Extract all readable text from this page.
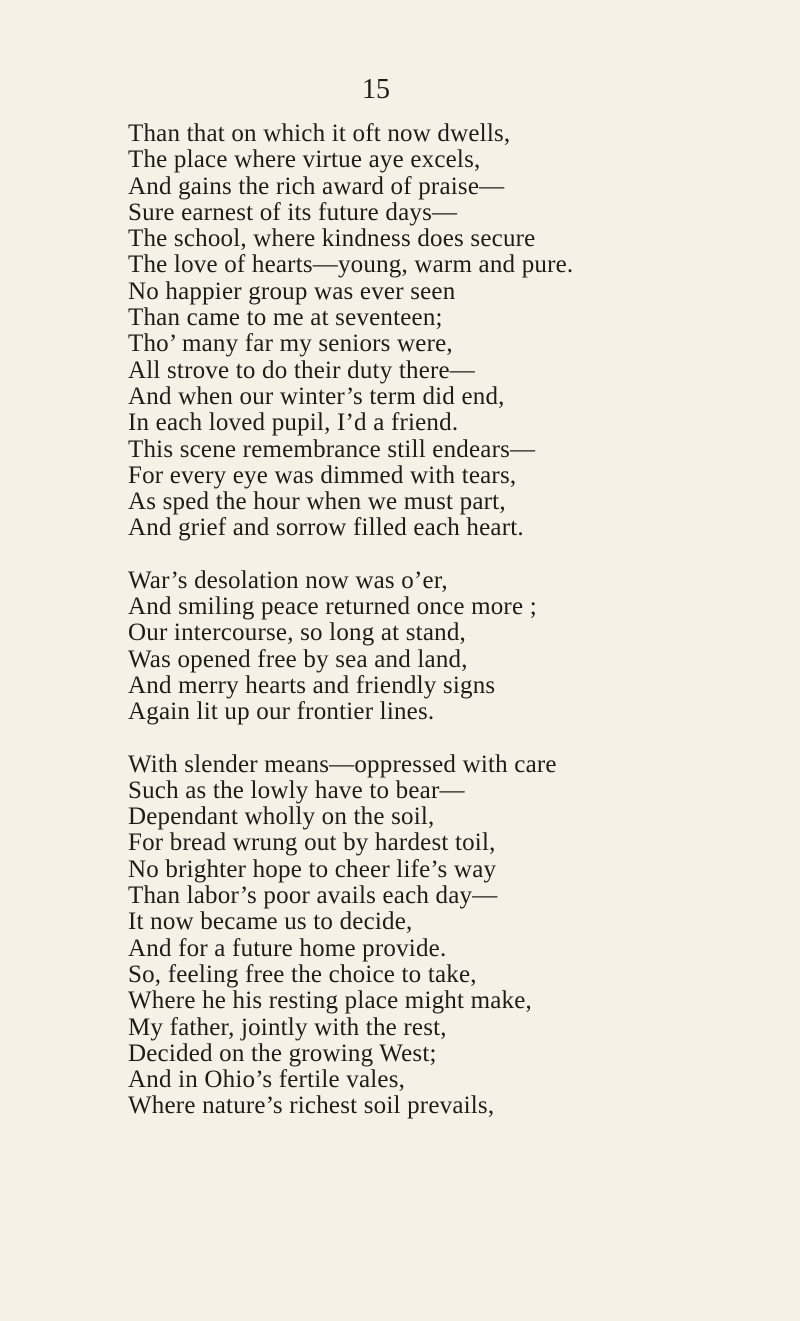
15
Than that on which it oft now dwells,
The place where virtue aye excels,
And gains the rich award of praise—
Sure earnest of its future days—
The school, where kindness does secure
The love of hearts—young, warm and pure.
No happier group was ever seen
Than came to me at seventeen;
Tho’ many far my seniors were,
All strove to do their duty there—
And when our winter’s term did end,
In each loved pupil, I’d a friend.
This scene remembrance still endears—
For every eye was dimmed with tears,
As sped the hour when we must part,
And grief and sorrow filled each heart.
War’s desolation now was o’er,
And smiling peace returned once more ;
Our intercourse, so long at stand,
Was opened free by sea and land,
And merry hearts and friendly signs
Again lit up our frontier lines.
With slender means—oppressed with care
Such as the lowly have to bear—
Dependant wholly on the soil,
For bread wrung out by hardest toil,
No brighter hope to cheer life’s way
Than labor’s poor avails each day—
It now became us to decide,
And for a future home provide.
So, feeling free the choice to take,
Where he his resting place might make,
My father, jointly with the rest,
Decided on the growing West;
And in Ohio’s fertile vales,
Where nature’s richest soil prevails,
